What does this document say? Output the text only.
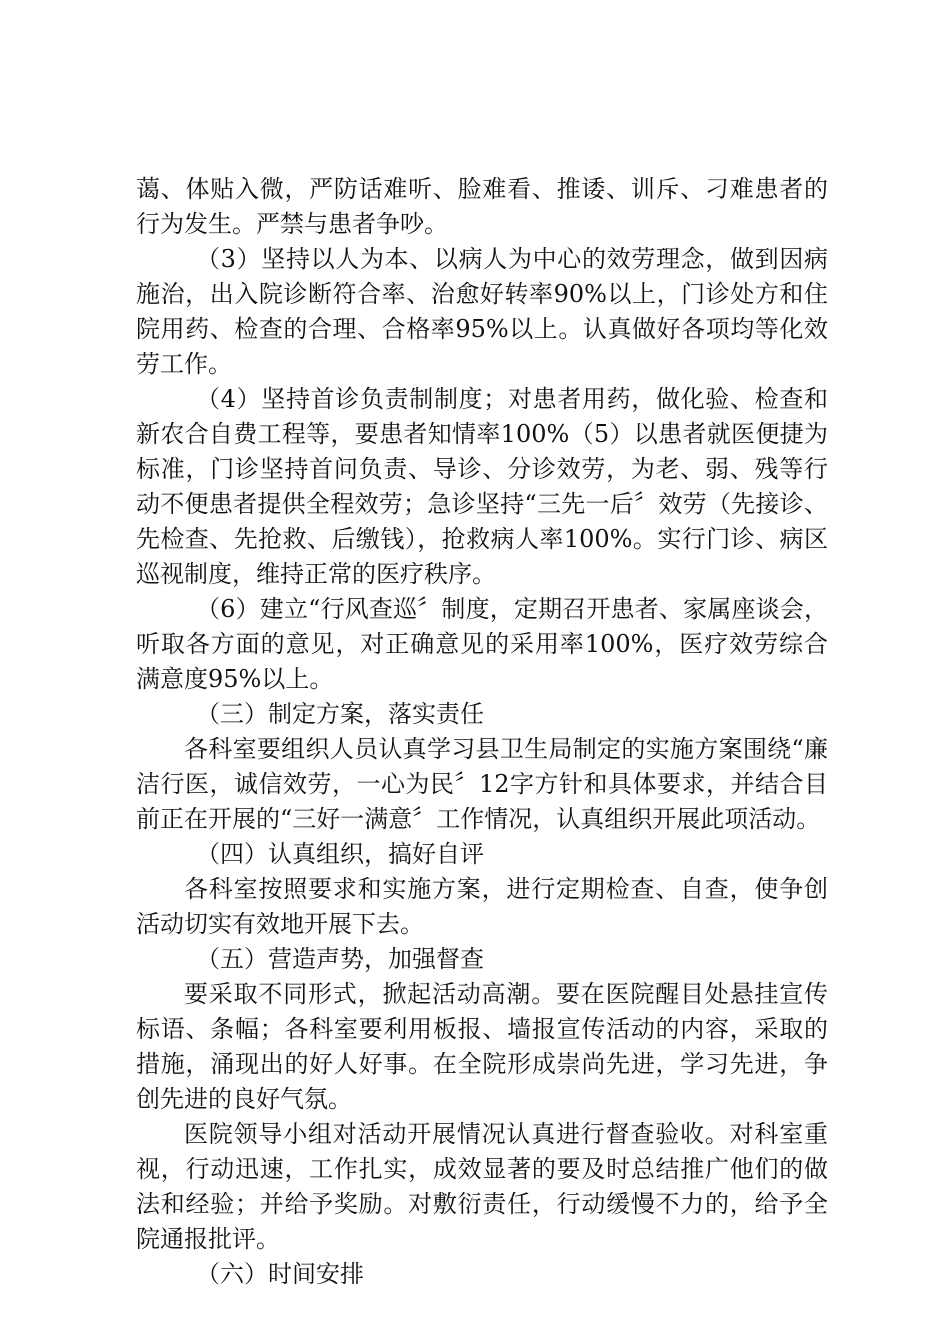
蔼、体贴入微，严防话难听、脸难看、推诿、训斥、刁难患者的行为发生。严禁与患者争吵。

（3）坚持以人为本、以病人为中心的效劳理念，做到因病施治，出入院诊断符合率、治愈好转率90%以上，门诊处方和住院用药、检查的合理、合格率95%以上。认真做好各项均等化效劳工作。

（4）坚持首诊负责制制度；对患者用药，做化验、检查和新农合自费工程等，要患者知情率100%（5）以患者就医便捷为标准，门诊坚持首问负责、导诊、分诊效劳，为老、弱、残等行动不便患者提供全程效劳；急诊坚持“三先一后〞效劳（先接诊、先检查、先抢救、后缴钱），抢救病人率100%。实行门诊、病区巡视制度，维持正常的医疗秩序。

（6）建立“行风查巡〞制度，定期召开患者、家属座谈会，听取各方面的意见，对正确意见的采用率100%，医疗效劳综合满意度95%以上。

（三）制定方案，落实责任

各科室要组织人员认真学习县卫生局制定的实施方案围绕“廉洁行医，诚信效劳，一心为民〞12字方针和具体要求，并结合目前正在开展的“三好一满意〞工作情况，认真组织开展此项活动。

（四）认真组织，搞好自评

各科室按照要求和实施方案，进行定期检查、自查，使争创活动切实有效地开展下去。

（五）营造声势，加强督查

要采取不同形式，掀起活动高潮。要在医院醒目处悬挂宣传标语、条幅；各科室要利用板报、墙报宣传活动的内容，采取的措施，涌现出的好人好事。在全院形成崇尚先进，学习先进，争创先进的良好气氛。

医院领导小组对活动开展情况认真进行督查验收。对科室重视，行动迅速，工作扎实，成效显著的要及时总结推广他们的做法和经验；并给予奖励。对敷衍责任，行动缓慢不力的，给予全院通报批评。

（六）时间安排
